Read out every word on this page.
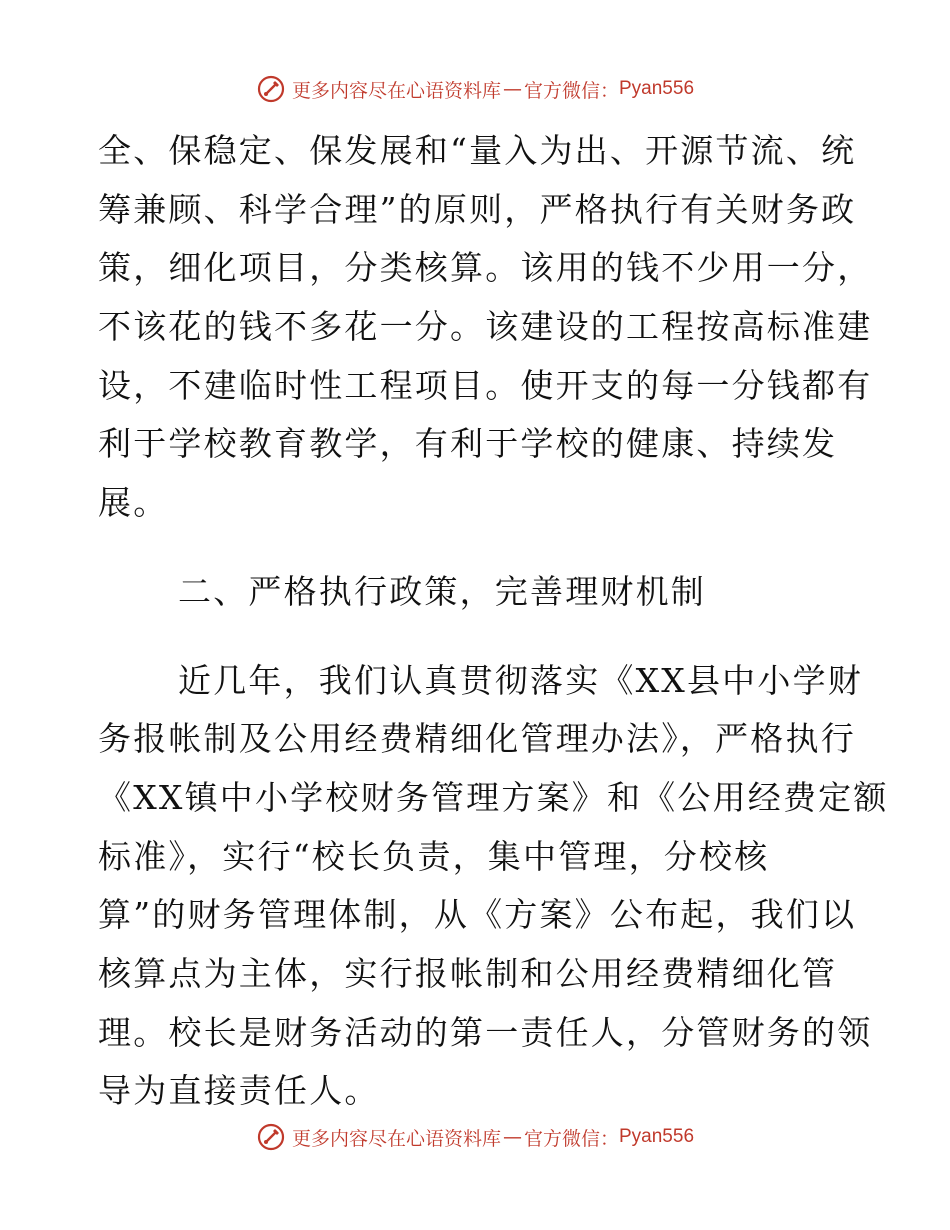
更多内容尽在心语资料库 — 官方微信： Pyan556
全、保稳定、保发展和“量入为出、开源节流、统
筹兼顾、科学合理”的原则，严格执行有关财务政
策，细化项目，分类核算。该用的钱不少用一分，
不该花的钱不多花一分。该建设的工程按高标准建
设，不建临时性工程项目。使开支的每一分钱都有
利于学校教育教学，有利于学校的健康、持续发
展。
二、严格执行政策，完善理财机制
近几年，我们认真贯彻落实《XX县中小学财
务报帐制及公用经费精细化管理办法》，严格执行
《XX镇中小学校财务管理方案》和《公用经费定额
标准》，实行“校长负责，集中管理，分校核
算”的财务管理体制，从《方案》公布起，我们以
核算点为主体，实行报帐制和公用经费精细化管
理。校长是财务活动的第一责任人，分管财务的领
导为直接责任人。
更多内容尽在心语资料库 — 官方微信： Pyan556
